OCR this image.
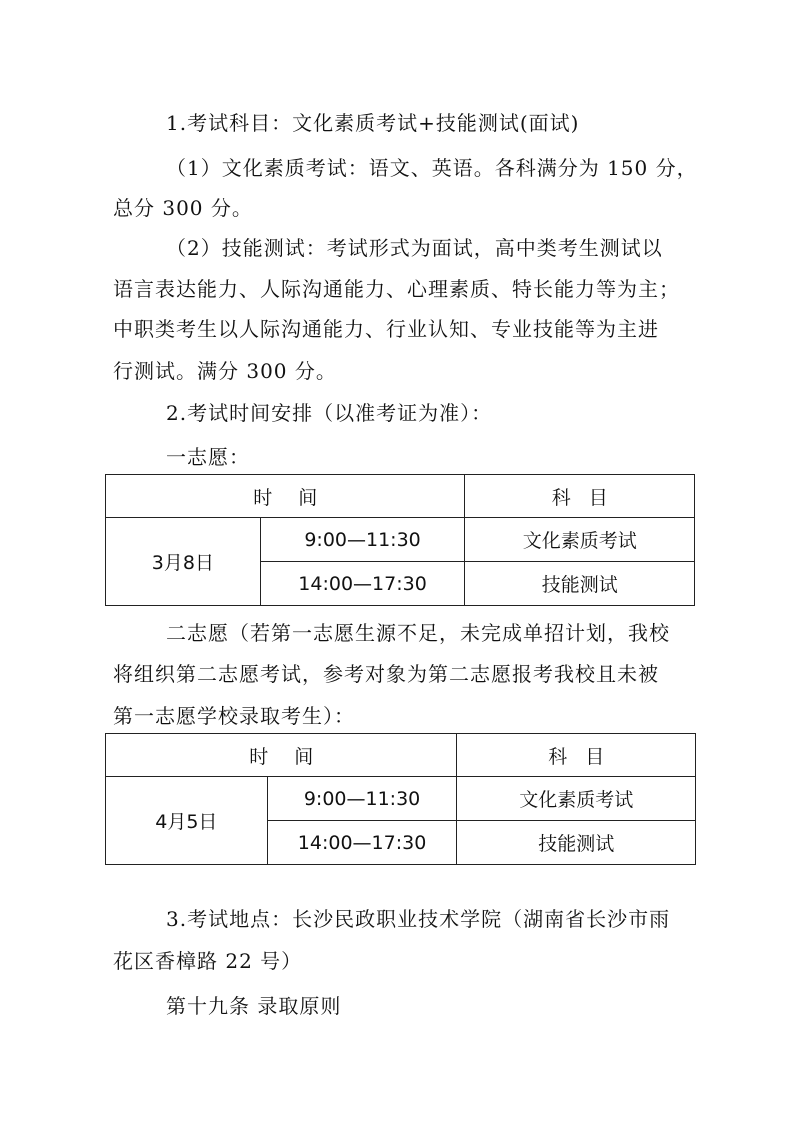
1.考试科目：文化素质考试+技能测试(面试)

（1）文化素质考试：语文、英语。各科满分为 150 分，

总分 300 分。

（2）技能测试：考试形式为面试，高中类考生测试以

语言表达能力、人际沟通能力、心理素质、特长能力等为主；

中职类考生以人际沟通能力、行业认知、专业技能等为主进

行测试。满分 300 分。

2.考试时间安排（以准考证为准）：

一志愿：

时 间		科 目
3月8日	9:00—11:30	文化素质考试
	14:00—17:30	技能测试

二志愿（若第一志愿生源不足，未完成单招计划，我校

将组织第二志愿考试，参考对象为第二志愿报考我校且未被

第一志愿学校录取考生）：

时 间		科 目
4月5日	9:00—11:30	文化素质考试
	14:00—17:30	技能测试

3.考试地点：长沙民政职业技术学院（湖南省长沙市雨

花区香樟路 22 号）

第十九条 录取原则
